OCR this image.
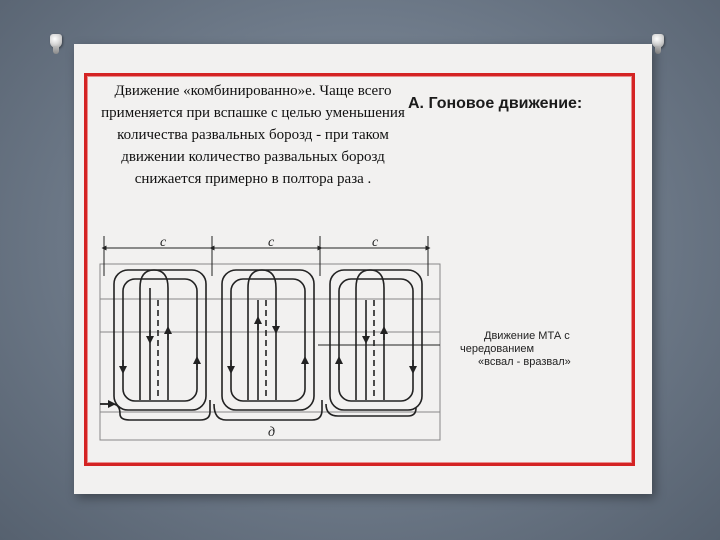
Движение «комбинированно»е. Чаще всего применяется при вспашке с целью уменьшения количества развальных борозд - при таком движении количество развальных борозд снижается примерно в полтора раза .
А. Гоновое движение:
Движение МТА с
чередованием
«всвал - вразвал»
c	c	c
д
